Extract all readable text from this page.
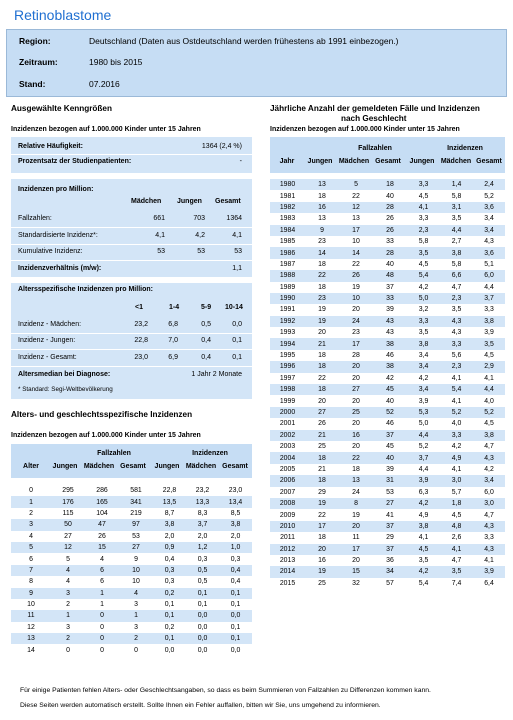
Retinoblastome
Region:	Deutschland (Daten aus Ostdeutschland werden frühestens ab 1991 einbezogen.)
Zeitraum:	1980 bis 2015
Stand:	07.2016
Ausgewählte Kenngrößen
Inzidenzen bezogen auf 1.000.000 Kinder unter 15 Jahren
Relative Häufigkeit:	1364 (2,4 %)
Prozentsatz der Studienpatienten:	-
Inzidenzen pro Million:
Mädchen Jungen Gesamt
Fallzahlen:	661	703	1364
Standardisierte Inzidenz*:	4,1	4,2	4,1
Kumulative Inzidenz:	53	53	53
Inzidenzverhältnis (m/w):	1,1
Altersspezifische Inzidenzen pro Million:
<1	1-4	5-9 10-14
Inzidenz - Mädchen:	23,2	6,8	0,5	0,0
Inzidenz - Jungen:	22,8	7,0	0,4	0,1
Inzidenz - Gesamt:	23,0	6,9	0,4	0,1
Altersmedian bei Diagnose:	1 Jahr 2 Monate
* Standard: Segi-Weltbevölkerung
Alters- und geschlechtsspezifische Inzidenzen
Inzidenzen bezogen auf 1.000.000 Kinder unter 15 Jahren
Fallzahlen	Inzidenzen
Alter	Jungen Mädchen Gesamt	Jungen Mädchen Gesamt
0	295	286	581	22,8	23,2	23,0
1	176	165	341	13,5	13,3	13,4
2	115	104	219	8,7	8,3	8,5
3	50	47	97	3,8	3,7	3,8
4	27	26	53	2,0	2,0	2,0
5	12	15	27	0,9	1,2	1,0
6	5	4	9	0,4	0,3	0,3
7	4	6	10	0,3	0,5	0,4
8	4	6	10	0,3	0,5	0,4
9	3	1	4	0,2	0,1	0,1
10	2	1	3	0,1	0,1	0,1
11	1	0	1	0,1	0,0	0,0
12	3	0	3	0,2	0,0	0,1
13	2	0	2	0,1	0,0	0,1
14	0	0	0	0,0	0,0	0,0
Jährliche Anzahl der gemeldeten Fälle und Inzidenzen
nach Geschlecht
Inzidenzen bezogen auf 1.000.000 Kinder unter 15 Jahren
Fallzahlen	Inzidenzen
Jahr	Jungen Mädchen Gesamt	Jungen Mädchen Gesamt
1980	13	5	18	3,3	1,4	2,4
1981	18	22	40	4,5	5,8	5,2
1982	16	12	28	4,1	3,1	3,6
1983	13	13	26	3,3	3,5	3,4
1984	9	17	26	2,3	4,4	3,4
1985	23	10	33	5,8	2,7	4,3
1986	14	14	28	3,5	3,8	3,6
1987	18	22	40	4,5	5,8	5,1
1988	22	26	48	5,4	6,6	6,0
1989	18	19	37	4,2	4,7	4,4
1990	23	10	33	5,0	2,3	3,7
1991	19	20	39	3,2	3,5	3,3
1992	19	24	43	3,3	4,3	3,8
1993	20	23	43	3,5	4,3	3,9
1994	21	17	38	3,8	3,3	3,5
1995	18	28	46	3,4	5,6	4,5
1996	18	20	38	3,4	2,3	2,9
1997	22	20	42	4,2	4,1	4,1
1998	18	27	45	3,4	5,4	4,4
1999	20	20	40	3,9	4,1	4,0
2000	27	25	52	5,3	5,2	5,2
2001	26	20	46	5,0	4,0	4,5
2002	21	16	37	4,4	3,3	3,8
2003	25	20	45	5,2	4,2	4,7
2004	18	22	40	3,7	4,9	4,3
2005	21	18	39	4,4	4,1	4,2
2006	18	13	31	3,9	3,0	3,4
2007	29	24	53	6,3	5,7	6,0
2008	19	8	27	4,2	1,8	3,0
2009	22	19	41	4,9	4,5	4,7
2010	17	20	37	3,8	4,8	4,3
2011	18	11	29	4,1	2,6	3,3
2012	20	17	37	4,5	4,1	4,3
2013	16	20	36	3,5	4,7	4,1
2014	19	15	34	4,2	3,5	3,9
2015	25	32	57	5,4	7,4	6,4
Für einige Patienten fehlen Alters- oder Geschlechtsangaben, so dass es beim Summieren von Fallzahlen zu Differenzen kommen kann.
Diese Seiten werden automatisch erstellt. Sollte Ihnen ein Fehler auffallen, bitten wir Sie, uns umgehend zu informieren.
